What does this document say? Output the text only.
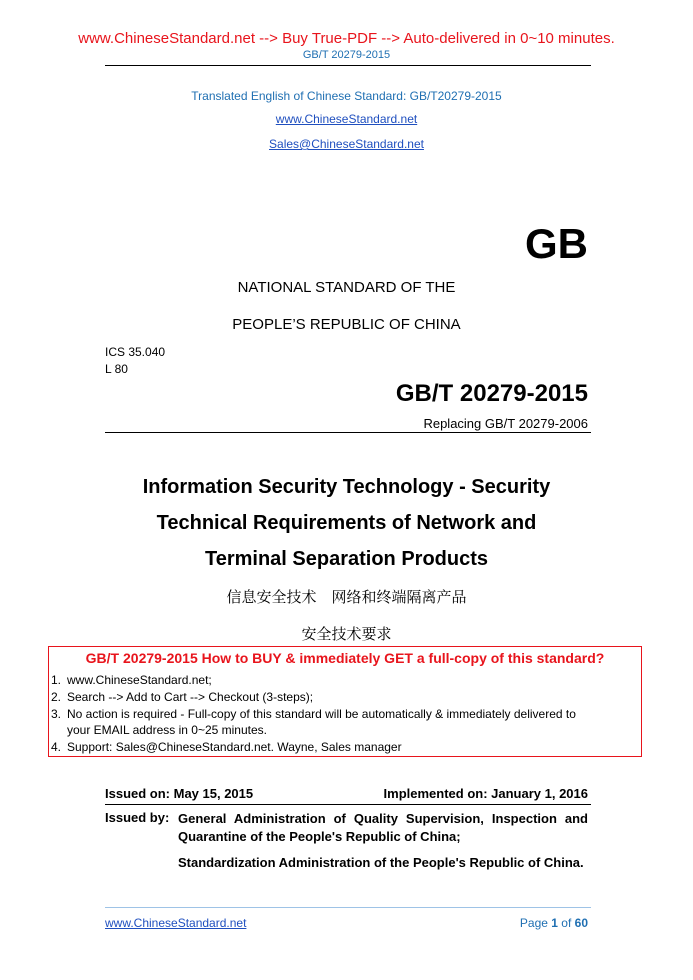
www.ChineseStandard.net --> Buy True-PDF --> Auto-delivered in 0~10 minutes.
GB/T 20279-2015
Translated English of Chinese Standard: GB/T20279-2015
www.ChineseStandard.net
Sales@ChineseStandard.net
GB
NATIONAL STANDARD OF THE
PEOPLE’S REPUBLIC OF CHINA
ICS 35.040
L 80
GB/T 20279-2015
Replacing GB/T 20279-2006
Information Security Technology - Security
Technical Requirements of Network and
Terminal Separation Products
信息安全技术　网络和终端隔离产品
安全技术要求
GB/T 20279-2015 How to BUY & immediately GET a full-copy of this standard?
1. www.ChineseStandard.net;
2. Search --> Add to Cart --> Checkout (3-steps);
3. No action is required - Full-copy of this standard will be automatically & immediately delivered to
your EMAIL address in 0~25 minutes.
4. Support: Sales@ChineseStandard.net. Wayne, Sales manager
Issued on: May 15, 2015	Implemented on: January 1, 2016
Issued by: General Administration of Quality Supervision, Inspection and Quarantine of the People's Republic of China;
Standardization Administration of the People's Republic of China.
www.ChineseStandard.net	Page 1 of 60
